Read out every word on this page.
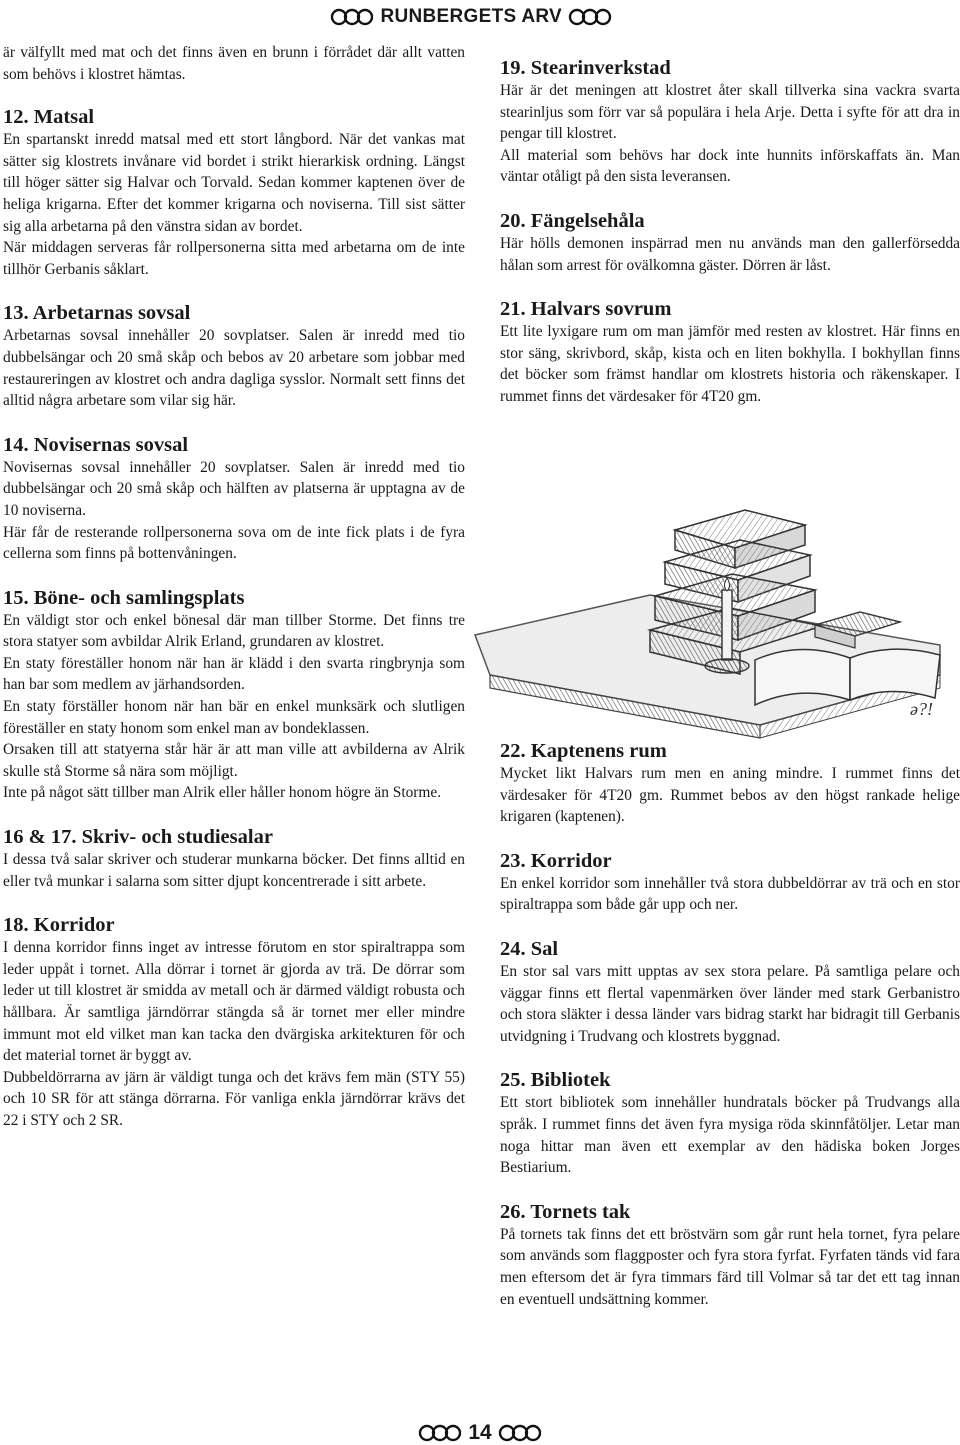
RUNBERGETS ARV

är välfyllt med mat och det finns även en brunn i förrådet där allt vatten som behövs i klostret hämtas.

12. Matsal

En spartanskt inredd matsal med ett stort långbord. När det vankas mat sätter sig klostrets invånare vid bordet i strikt hierarkisk ordning. Längst till höger sätter sig Halvar och Torvald. Sedan kommer kaptenen över de heliga krigarna. Efter det kommer krigarna och noviserna. Till sist sätter sig alla arbetarna på den vänstra sidan av bordet.

När middagen serveras får rollpersonerna sitta med arbetarna om de inte tillhör Gerbanis såklart.

13. Arbetarnas sovsal

Arbetarnas sovsal innehåller 20 sovplatser. Salen är inredd med tio dubbelsängar och 20 små skåp och bebos av 20 arbetare som jobbar med restaureringen av klostret och andra dagliga sysslor. Normalt sett finns det alltid några arbetare som vilar sig här.

14. Novisernas sovsal

Novisernas sovsal innehåller 20 sovplatser. Salen är inredd med tio dubbelsängar och 20 små skåp och hälften av platserna är upptagna av de 10 noviserna.

Här får de resterande rollpersonerna sova om de inte fick plats i de fyra cellerna som finns på bottenvåningen.

15. Böne- och samlingsplats

En väldigt stor och enkel bönesal där man tillber Storme. Det finns tre stora statyer som avbildar Alrik Erland, grundaren av klostret.

En staty föreställer honom när han är klädd i den svarta ringbrynja som han bar som medlem av järhandsorden.

En staty förställer honom när han bär en enkel munksärk och slutligen föreställer en staty honom som enkel man av bondeklassen.

Orsaken till att statyerna står här är att man ville att avbilderna av Alrik skulle stå Storme så nära som möjligt.

Inte på något sätt tillber man Alrik eller håller honom högre än Storme.

16 & 17. Skriv- och studiesalar

I dessa två salar skriver och studerar munkarna böcker. Det finns alltid en eller två munkar i salarna som sitter djupt koncentrerade i sitt arbete.

18. Korridor

I denna korridor finns inget av intresse förutom en stor spiraltrappa som leder uppåt i tornet. Alla dörrar i tornet är gjorda av trä. De dörrar som leder ut till klostret är smidda av metall och är därmed väldigt robusta och hållbara. Är samtliga järndörrar stängda så är tornet mer eller mindre immunt mot eld vilket man kan tacka den dvärgiska arkitekturen för och det material tornet är byggt av.

Dubbeldörrarna av järn är väldigt tunga och det krävs fem män (STY 55) och 10 SR för att stänga dörrarna. För vanliga enkla järndörrar krävs det 22 i STY och 2 SR.

19. Stearinverkstad

Här är det meningen att klostret åter skall tillverka sina vackra svarta stearinljus som förr var så populära i hela Arje. Detta i syfte för att dra in pengar till klostret.

All material som behövs har dock inte hunnits införskaffats än. Man väntar otåligt på den sista leveransen.

20. Fängelsehåla

Här hölls demonen inspärrad men nu används man den gallerförsedda hålan som arrest för ovälkomna gäster. Dörren är låst.

21. Halvars sovrum

Ett lite lyxigare rum om man jämför med resten av klostret. Här finns en stor säng, skrivbord, skåp, kista och en liten bokhylla. I bokhyllan finns det böcker som främst handlar om klostrets historia och räkenskaper. I rummet finns det värdesaker för 4T20 gm.

ə?!
22. Kaptenens rum

Mycket likt Halvars rum men en aning mindre. I rummet finns det värdesaker för 4T20 gm. Rummet bebos av den högst rankade helige krigaren (kaptenen).

23. Korridor

En enkel korridor som innehåller två stora dubbeldörrar av trä och en stor spiraltrappa som både går upp och ner.

24. Sal

En stor sal vars mitt upptas av sex stora pelare. På samtliga pelare och väggar finns ett flertal vapenmärken över länder med stark Gerbanistro och stora släkter i dessa länder vars bidrag starkt har bidragit till Gerbanis utvidgning i Trudvang och klostrets byggnad.

25. Bibliotek

Ett stort bibliotek som innehåller hundratals böcker på Trudvangs alla språk. I rummet finns det även fyra mysiga röda skinnfåtöljer. Letar man noga hittar man även ett exemplar av den hädiska boken Jorges Bestiarium.

26. Tornets tak

På tornets tak finns det ett bröstvärn som går runt hela tornet, fyra pelare som används som flaggposter och fyra stora fyrfat. Fyrfaten tänds vid fara men eftersom det är fyra timmars färd till Volmar så tar det ett tag innan en eventuell undsättning kommer.

14
